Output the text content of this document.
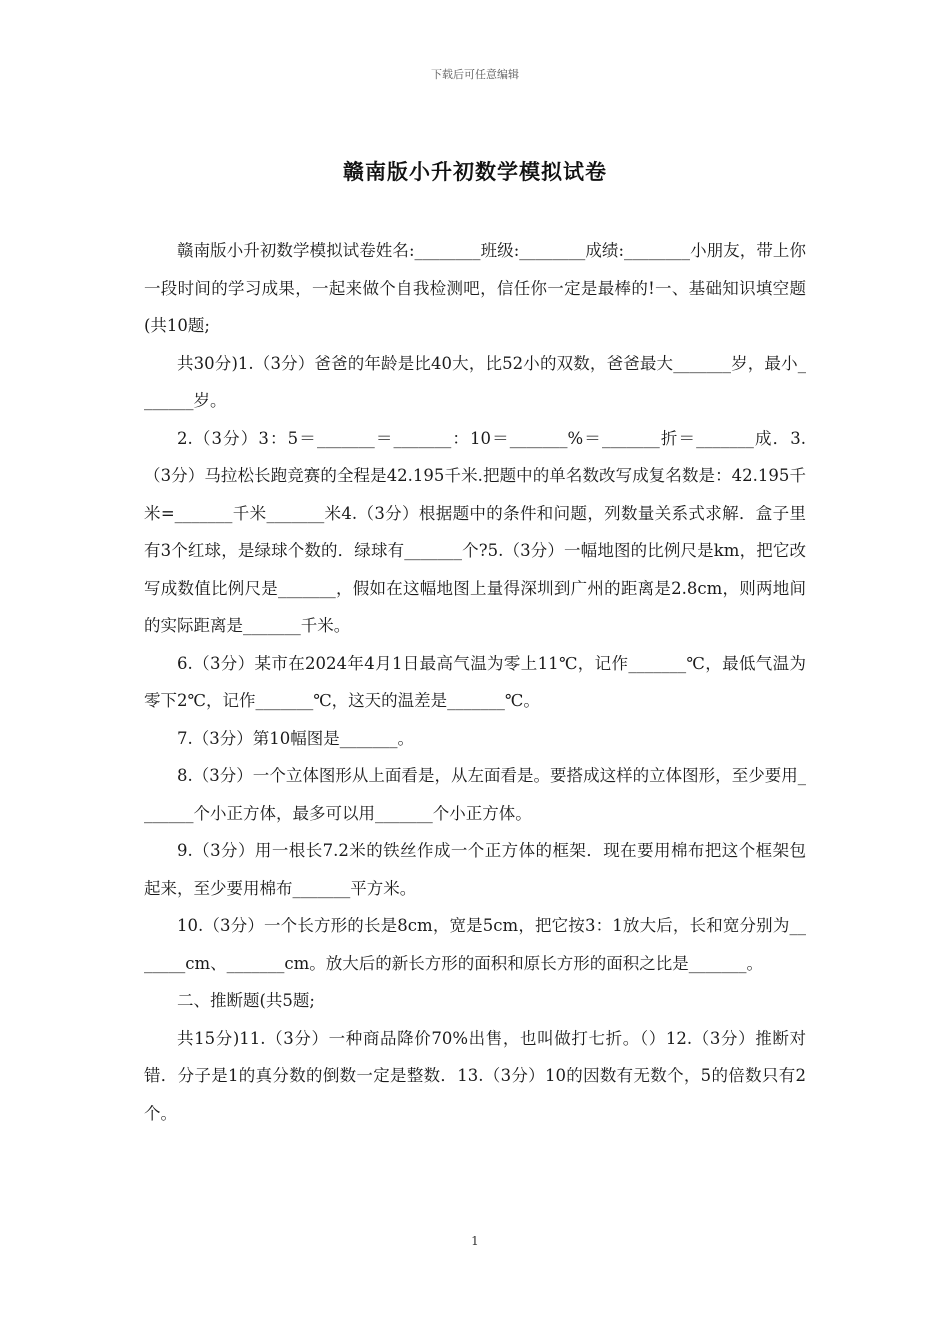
下载后可任意编辑
赣南版小升初数学模拟试卷

赣南版小升初数学模拟试卷姓名:________班级:________成绩:________小朋友，带上你一段时间的学习成果，一起来做个自我检测吧，信任你一定是最棒的!一、基础知识填空题(共10题;

共30分)1.（3分）爸爸的年龄是比40大，比52小的双数，爸爸最大_______岁，最小_______岁。

2.（3分）3：5＝_______＝_______：10＝_______%＝_______折＝_______成．3.（3分）马拉松长跑竞赛的全程是42.195千米.把题中的单名数改写成复名数是：42.195千米=_______千米_______米4.（3分）根据题中的条件和问题，列数量关系式求解．盒子里有3个红球，是绿球个数的．绿球有_______个?5.（3分）一幅地图的比例尺是km，把它改写成数值比例尺是_______，假如在这幅地图上量得深圳到广州的距离是2.8cm，则两地间的实际距离是_______千米。

6.（3分）某市在2024年4月1日最高气温为零上11℃，记作_______℃，最低气温为零下2℃，记作_______℃，这天的温差是_______℃。

7.（3分）第10幅图是_______。

8.（3分）一个立体图形从上面看是，从左面看是。要搭成这样的立体图形，至少要用_______个小正方体，最多可以用_______个小正方体。

9.（3分）用一根长7.2米的铁丝作成一个正方体的框架．现在要用棉布把这个框架包起来，至少要用棉布_______平方米。

10.（3分）一个长方形的长是8cm，宽是5cm，把它按3：1放大后，长和宽分别为_______cm、_______cm。放大后的新长方形的面积和原长方形的面积之比是_______。

二、推断题(共5题;

共15分)11.（3分）一种商品降价70%出售，也叫做打七折。（）12.（3分）推断对错．分子是1的真分数的倒数一定是整数．13.（3分）10的因数有无数个，5的倍数只有2个。

1
